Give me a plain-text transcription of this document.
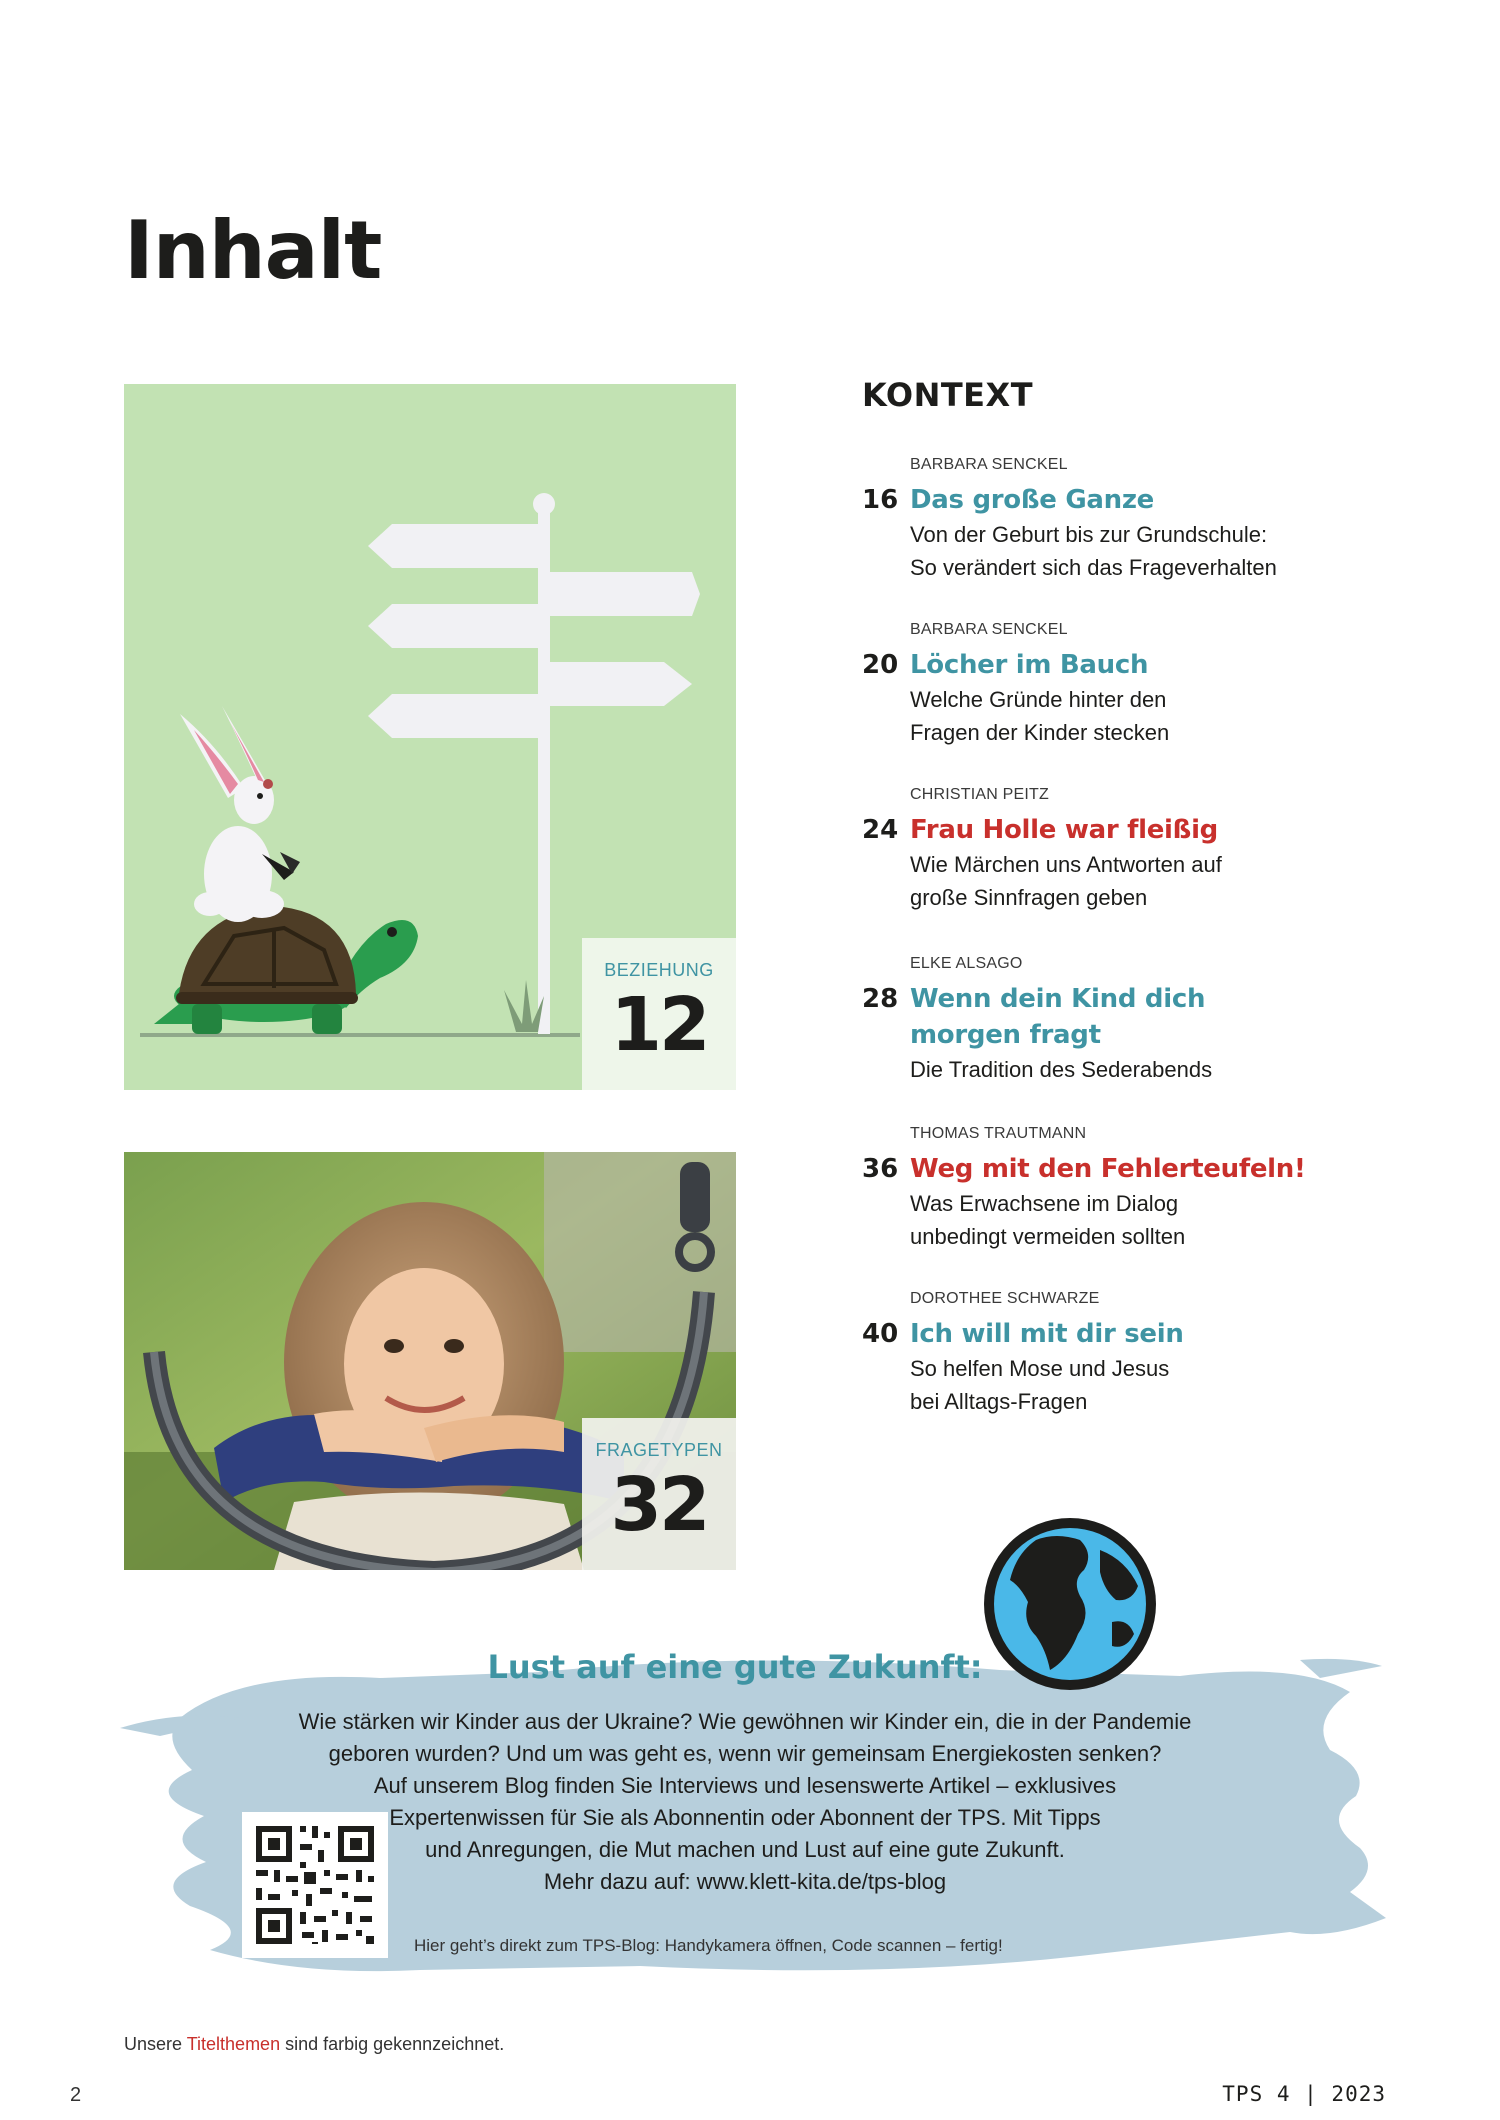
Inhalt
BEZIEHUNG
12
FRAGETYPEN
32
KONTEXT
BARBARA SENCKEL
16 Das große Ganze
Von der Geburt bis zur Grundschule:
So verändert sich das Frageverhalten
BARBARA SENCKEL
20 Löcher im Bauch
Welche Gründe hinter den
Fragen der Kinder stecken
CHRISTIAN PEITZ
24 Frau Holle war fleißig
Wie Märchen uns Antworten auf
große Sinnfragen geben
ELKE ALSAGO
28 Wenn dein Kind dich
morgen fragt
Die Tradition des Sederabends
THOMAS TRAUTMANN
36 Weg mit den Fehlerteufeln!
Was Erwachsene im Dialog
unbedingt vermeiden sollten
DOROTHEE SCHWARZE
40 Ich will mit dir sein
So helfen Mose und Jesus
bei Alltags-Fragen
Lust auf eine gute Zukunft:
Wie stärken wir Kinder aus der Ukraine? Wie gewöhnen wir Kinder ein, die in der Pandemie
geboren wurden? Und um was geht es, wenn wir gemeinsam Energiekosten senken?
Auf unserem Blog finden Sie Interviews und lesenswerte Artikel – exklusives
Expertenwissen für Sie als Abonnentin oder Abonnent der TPS. Mit Tipps
und Anregungen, die Mut machen und Lust auf eine gute Zukunft.
Mehr dazu auf: www.klett-kita.de/tps-blog
Hier geht’s direkt zum TPS-Blog: Handykamera öffnen, Code scannen – fertig!
Unsere Titelthemen sind farbig gekennzeichnet.
2	TPS 4 | 2023
